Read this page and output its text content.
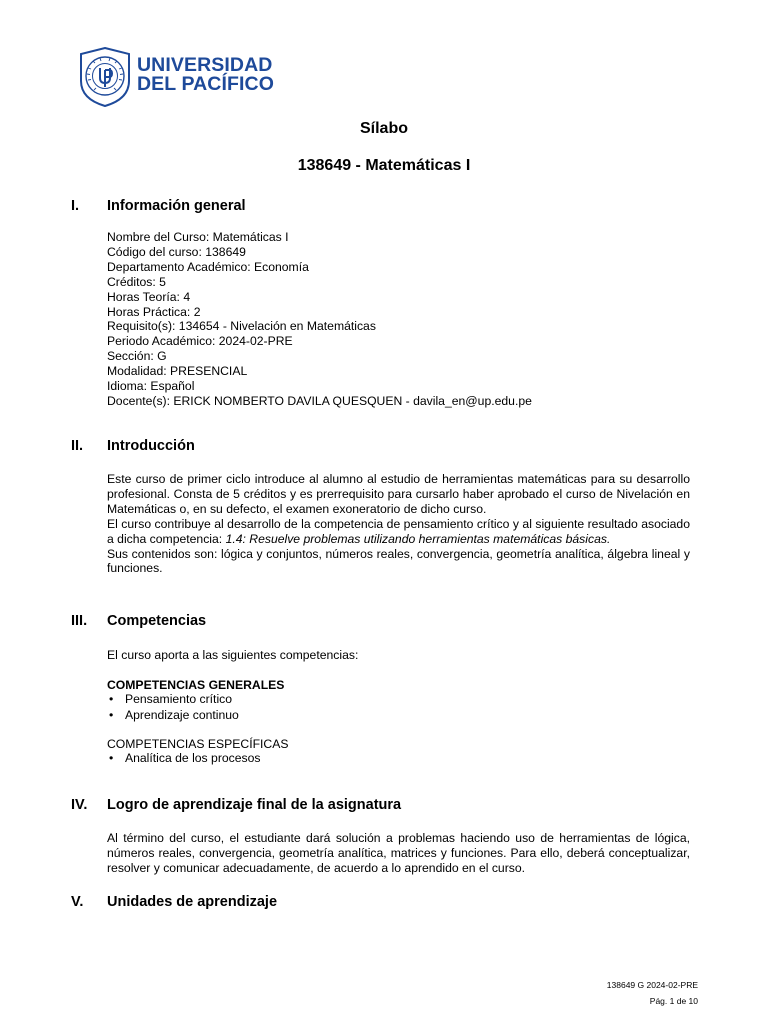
UNIVERSIDAD
DEL PACÍFICO
Sílabo
138649 - Matemáticas I
I. Información general
Nombre del Curso: Matemáticas I
Código del curso: 138649
Departamento Académico: Economía
Créditos: 5
Horas Teoría: 4
Horas Práctica: 2
Requisito(s): 134654 - Nivelación en Matemáticas
Periodo Académico: 2024-02-PRE
Sección: G
Modalidad: PRESENCIAL
Idioma: Español
Docente(s): ERICK NOMBERTO DAVILA QUESQUEN - davila_en@up.edu.pe
II. Introducción

Este curso de primer ciclo introduce al alumno al estudio de herramientas matemáticas para su desarrollo profesional. Consta de 5 créditos y es prerrequisito para cursarlo haber aprobado el curso de Nivelación en Matemáticas o, en su defecto, el examen exoneratorio de dicho curso.

El curso contribuye al desarrollo de la competencia de pensamiento crítico y al siguiente resultado asociado a dicha competencia: 1.4: Resuelve problemas utilizando herramientas matemáticas básicas.

Sus contenidos son: lógica y conjuntos, números reales, convergencia, geometría analítica, álgebra lineal y funciones.

III. Competencias
El curso aporta a las siguientes competencias:
COMPETENCIAS GENERALES
• Pensamiento crítico
• Aprendizaje continuo
COMPETENCIAS ESPECÍFICAS
• Analítica de los procesos
IV. Logro de aprendizaje final de la asignatura
Al término del curso, el estudiante dará solución a problemas haciendo uso de herramientas de lógica, números reales, convergencia, geometría analítica, matrices y funciones. Para ello, deberá conceptualizar, resolver y comunicar adecuadamente, de acuerdo a lo aprendido en el curso.
V. Unidades de aprendizaje
138649 G 2024-02-PRE
Pág. 1 de 10
